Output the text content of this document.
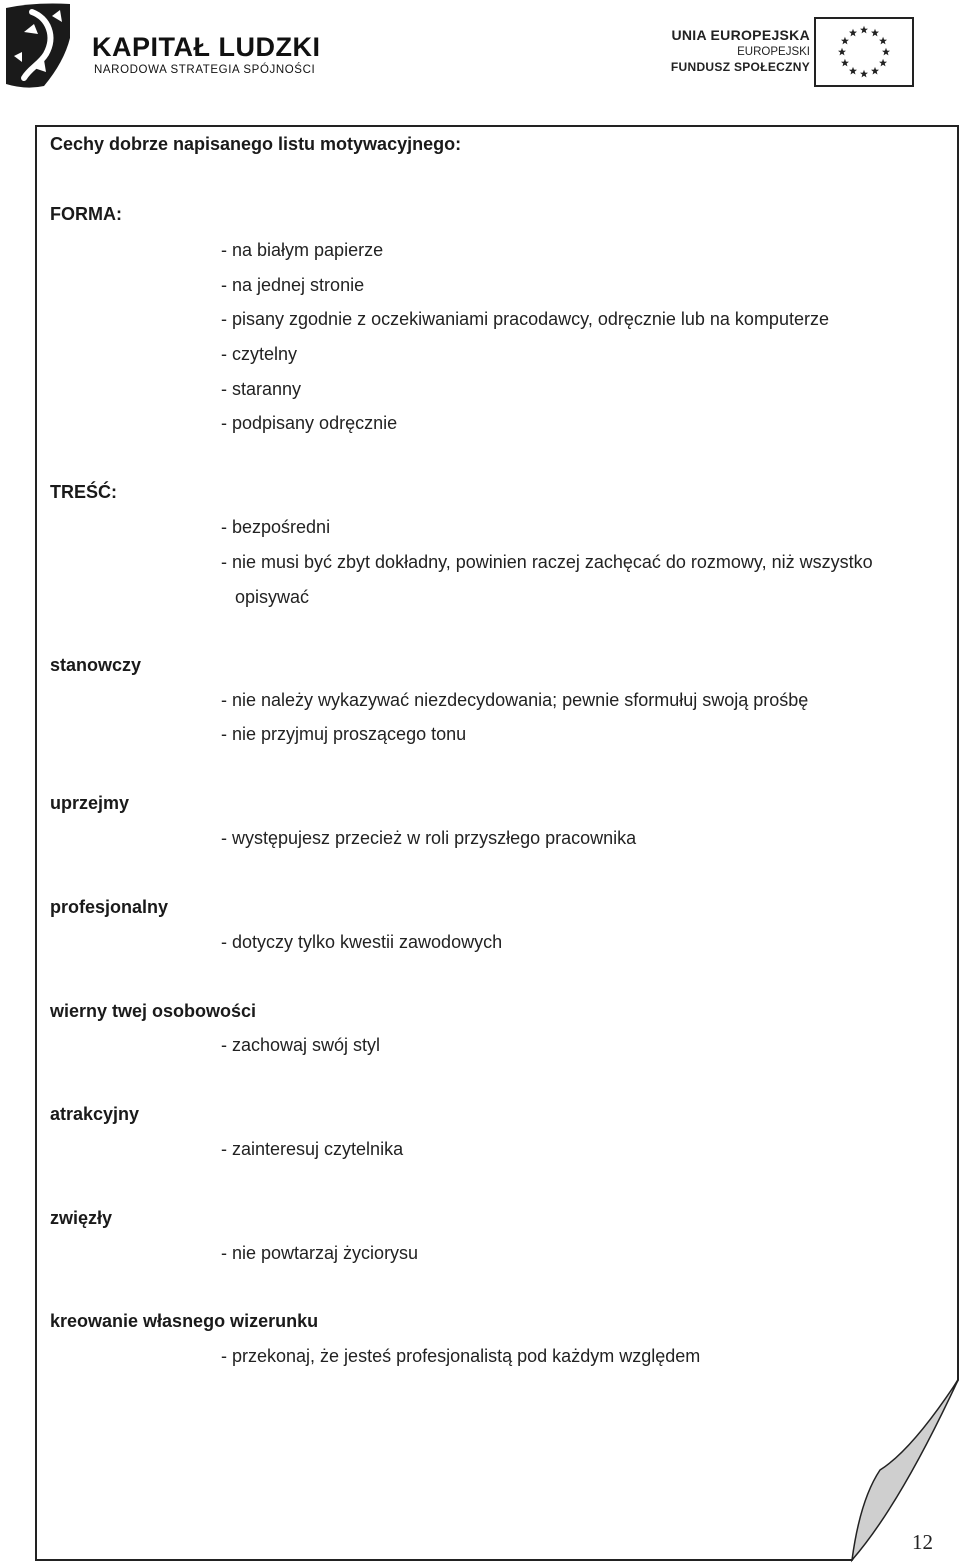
KAPITAŁ LUDZKI
NARODOWA STRATEGIA SPÓJNOŚCI
UNIA EUROPEJSKA
EUROPEJSKI
FUNDUSZ SPOŁECZNY
Cechy dobrze napisanego listu motywacyjnego:
FORMA:
- na białym papierze
- na jednej stronie
- pisany zgodnie z oczekiwaniami pracodawcy, odręcznie lub na komputerze
- czytelny
- staranny
- podpisany odręcznie
TREŚĆ:
- bezpośredni
- nie musi być zbyt dokładny, powinien raczej zachęcać do rozmowy, niż wszystko
opisywać
stanowczy
- nie należy wykazywać niezdecydowania; pewnie sformułuj swoją prośbę
- nie przyjmuj proszącego tonu
uprzejmy
- występujesz przecież w roli przyszłego pracownika
profesjonalny
- dotyczy tylko kwestii zawodowych
wierny twej osobowości
- zachowaj swój styl
atrakcyjny
- zainteresuj czytelnika
zwięzły
- nie powtarzaj życiorysu
kreowanie własnego wizerunku
- przekonaj, że jesteś profesjonalistą pod każdym względem
12
